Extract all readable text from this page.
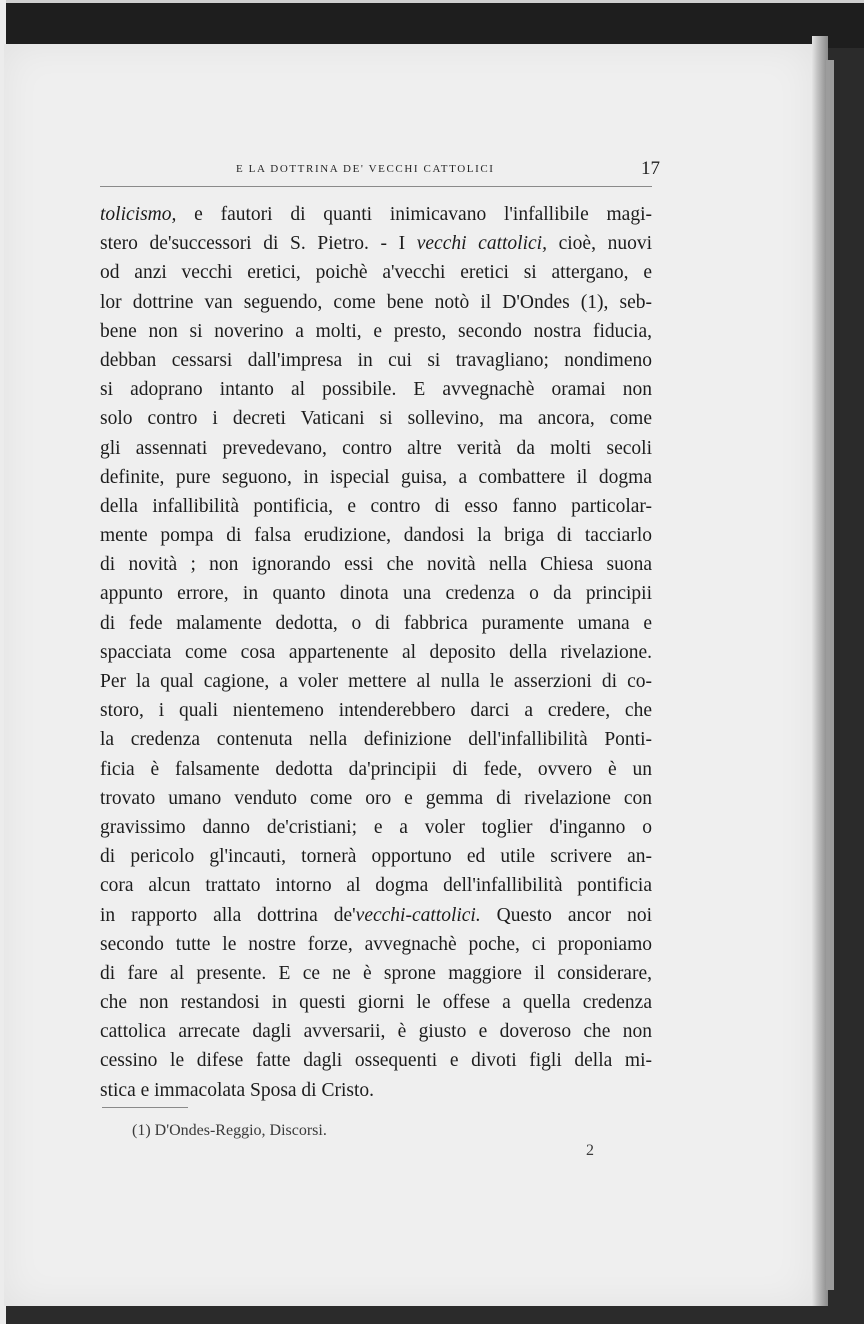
E LA DOTTRINA DE' VECCHI CATTOLICI	17
tolicismo, e fautori di quanti inimicavano l'infallibile magi-
stero de'successori di S. Pietro. - I vecchi cattolici, cioè, nuovi
od anzi vecchi eretici, poichè a'vecchi eretici si attergano, e
lor dottrine van seguendo, come bene notò il D'Ondes (1), seb-
bene non si noverino a molti, e presto, secondo nostra fiducia,
debban cessarsi dall'impresa in cui si travagliano; nondimeno
si adoprano intanto al possibile. E avvegnachè oramai non
solo contro i decreti Vaticani si sollevino, ma ancora, come
gli assennati prevedevano, contro altre verità da molti secoli
definite, pure seguono, in ispecial guisa, a combattere il dogma
della infallibilità pontificia, e contro di esso fanno particolar-
mente pompa di falsa erudizione, dandosi la briga di tacciarlo
di novità ; non ignorando essi che novità nella Chiesa suona
appunto errore, in quanto dinota una credenza o da principii
di fede malamente dedotta, o di fabbrica puramente umana e
spacciata come cosa appartenente al deposito della rivelazione.
Per la qual cagione, a voler mettere al nulla le asserzioni di co-
storo, i quali nientemeno intenderebbero darci a credere, che
la credenza contenuta nella definizione dell'infallibilità Ponti-
ficia è falsamente dedotta da'principii di fede, ovvero è un
trovato umano venduto come oro e gemma di rivelazione con
gravissimo danno de'cristiani; e a voler toglier d'inganno o
di pericolo gl'incauti, tornerà opportuno ed utile scrivere an-
cora alcun trattato intorno al dogma dell'infallibilità pontificia
in rapporto alla dottrina de'vecchi-cattolici. Questo ancor noi
secondo tutte le nostre forze, avvegnachè poche, ci proponiamo
di fare al presente. E ce ne è sprone maggiore il considerare,
che non restandosi in questi giorni le offese a quella credenza
cattolica arrecate dagli avversarii, è giusto e doveroso che non
cessino le difese fatte dagli ossequenti e divoti figli della mi-
stica e immacolata Sposa di Cristo.
(1) D'Ondes-Reggio, Discorsi.
2
